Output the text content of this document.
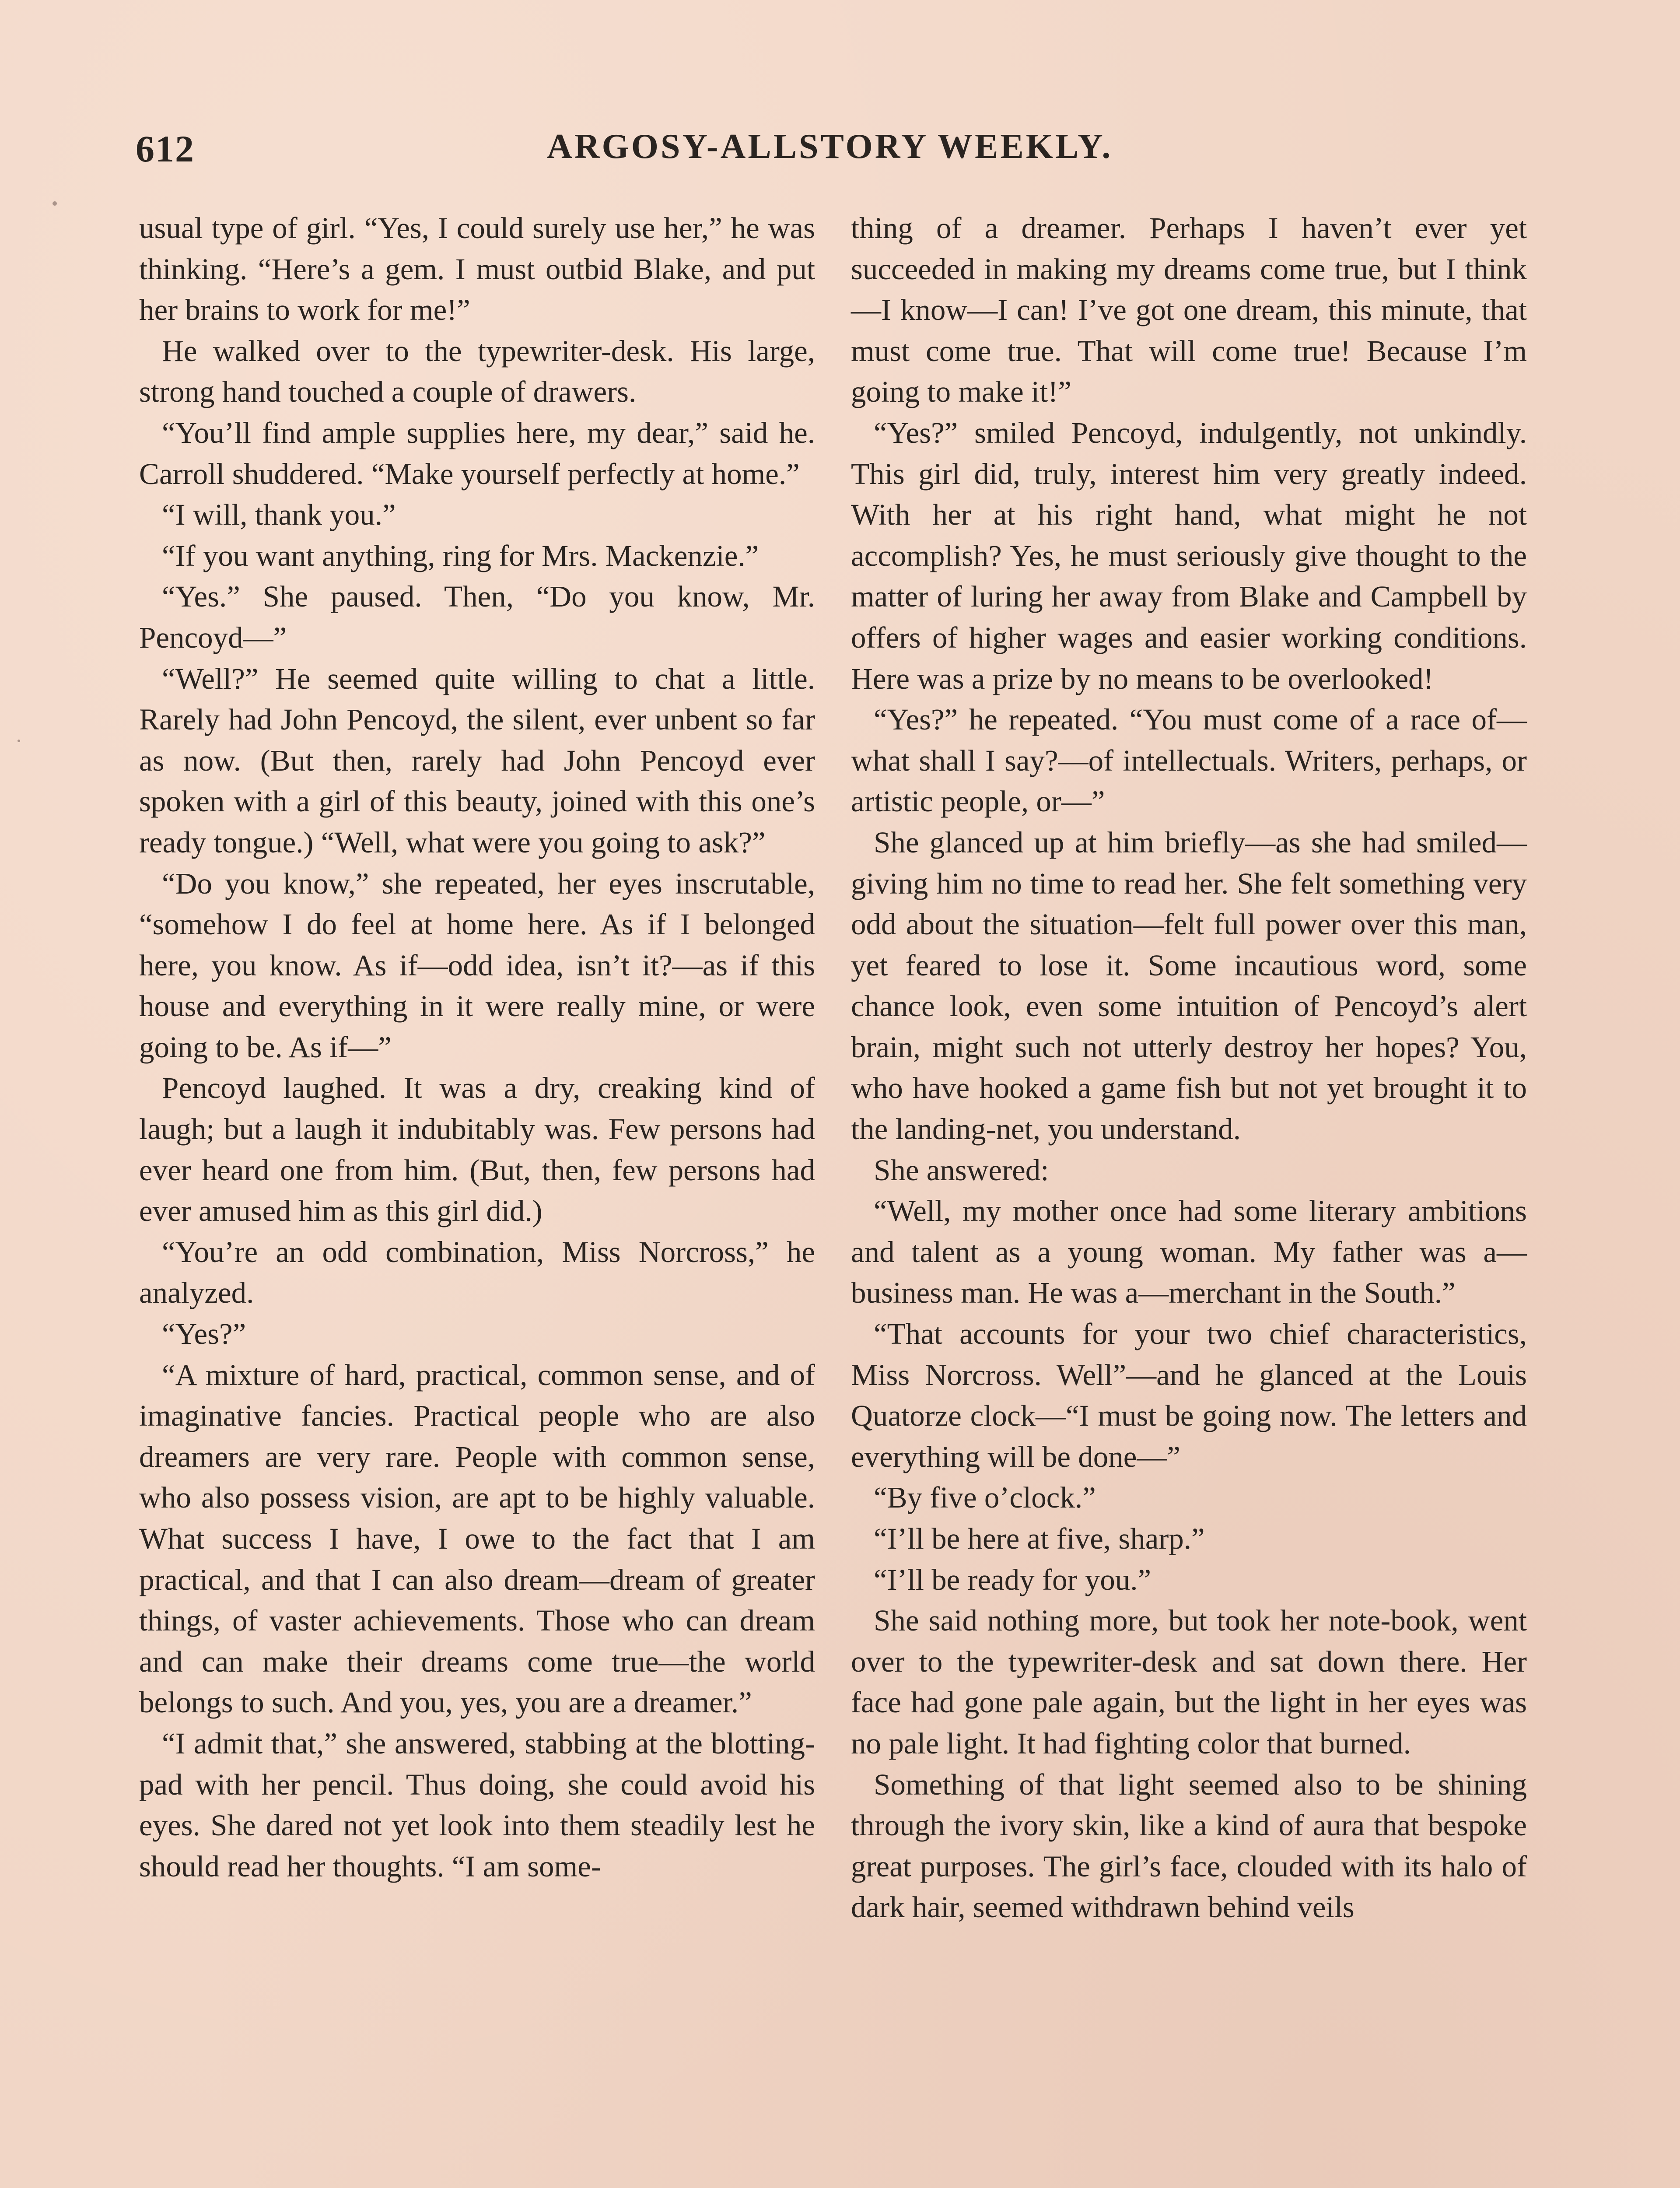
612	ARGOSY-ALLSTORY WEEKLY.

usual type of girl. “Yes, I could surely use her,” he was thinking. “Here’s a gem. I must outbid Blake, and put her brains to work for me!”

He walked over to the typewriter-desk. His large, strong hand touched a couple of drawers.

“You’ll find ample supplies here, my dear,” said he. Carroll shuddered. “Make yourself perfectly at home.”

“I will, thank you.”

“If you want anything, ring for Mrs. Mackenzie.”

“Yes.” She paused. Then, “Do you know, Mr. Pencoyd—”

“Well?” He seemed quite willing to chat a little. Rarely had John Pencoyd, the silent, ever unbent so far as now. (But then, rarely had John Pencoyd ever spoken with a girl of this beauty, joined with this one’s ready tongue.) “Well, what were you going to ask?”

“Do you know,” she repeated, her eyes inscrutable, “somehow I do feel at home here. As if I belonged here, you know. As if—odd idea, isn’t it?—as if this house and everything in it were really mine, or were going to be. As if—”

Pencoyd laughed. It was a dry, creaking kind of laugh; but a laugh it indubitably was. Few persons had ever heard one from him. (But, then, few persons had ever amused him as this girl did.)

“You’re an odd combination, Miss Norcross,” he analyzed.

“Yes?”

“A mixture of hard, practical, common sense, and of imaginative fancies. Practical people who are also dreamers are very rare. People with common sense, who also possess vision, are apt to be highly valuable. What success I have, I owe to the fact that I am practical, and that I can also dream—dream of greater things, of vaster achievements. Those who can dream and can make their dreams come true—the world belongs to such. And you, yes, you are a dreamer.”

“I admit that,” she answered, stabbing at the blotting-pad with her pencil. Thus doing, she could avoid his eyes. She dared not yet look into them steadily lest he should read her thoughts. “I am some-

thing of a dreamer. Perhaps I haven’t ever yet succeeded in making my dreams come true, but I think—I know—I can! I’ve got one dream, this minute, that must come true. That will come true! Because I’m going to make it!”

“Yes?” smiled Pencoyd, indulgently, not unkindly. This girl did, truly, interest him very greatly indeed. With her at his right hand, what might he not accomplish? Yes, he must seriously give thought to the matter of luring her away from Blake and Campbell by offers of higher wages and easier working conditions. Here was a prize by no means to be overlooked!

“Yes?” he repeated. “You must come of a race of—what shall I say?—of intellectuals. Writers, perhaps, or artistic people, or—”

She glanced up at him briefly—as she had smiled—giving him no time to read her. She felt something very odd about the situation—felt full power over this man, yet feared to lose it. Some incautious word, some chance look, even some intuition of Pencoyd’s alert brain, might such not utterly destroy her hopes? You, who have hooked a game fish but not yet brought it to the landing-net, you understand.

She answered:

“Well, my mother once had some literary ambitions and talent as a young woman. My father was a—business man. He was a—merchant in the South.”

“That accounts for your two chief characteristics, Miss Norcross. Well”—and he glanced at the Louis Quatorze clock—“I must be going now. The letters and everything will be done—”

“By five o’clock.”

“I’ll be here at five, sharp.”

“I’ll be ready for you.”

She said nothing more, but took her note-book, went over to the typewriter-desk and sat down there. Her face had gone pale again, but the light in her eyes was no pale light. It had fighting color that burned.

Something of that light seemed also to be shining through the ivory skin, like a kind of aura that bespoke great purposes. The girl’s face, clouded with its halo of dark hair, seemed withdrawn behind veils
